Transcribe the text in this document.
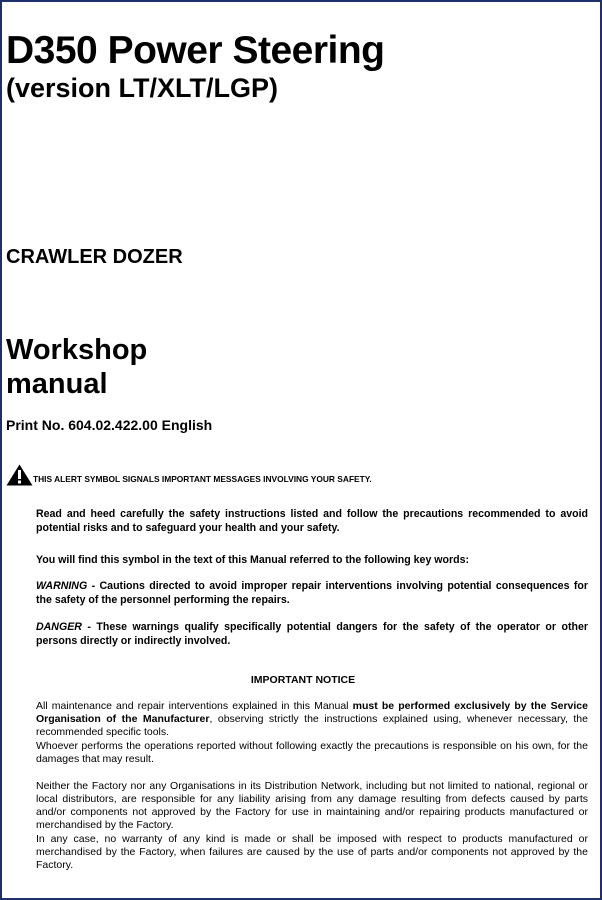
D350 Power Steering
(version LT/XLT/LGP)
CRAWLER DOZER
Workshop
manual
Print No. 604.02.422.00 English
THIS ALERT SYMBOL SIGNALS IMPORTANT MESSAGES INVOLVING YOUR SAFETY.
Read and heed carefully the safety instructions listed and follow the precautions recommended to avoid potential risks and to safeguard your health and your safety.
You will find this symbol in the text of this Manual referred to the following key words:
WARNING - Cautions directed to avoid improper repair interventions involving potential consequences for the safety of the personnel performing the repairs.
DANGER - These warnings qualify specifically potential dangers for the safety of the operator or other persons directly or indirectly involved.
IMPORTANT NOTICE
All maintenance and repair interventions explained in this Manual must be performed exclusively by the Service Organisation of the Manufacturer, observing strictly the instructions explained using, whenever necessary, the recommended specific tools.
Whoever performs the operations reported without following exactly the precautions is responsible on his own, for the damages that may result.
Neither the Factory nor any Organisations in its Distribution Network, including but not limited to national, regional or local distributors, are responsible for any liability arising from any damage resulting from defects caused by parts and/or components not approved by the Factory for use in maintaining and/or repairing products manufactured or merchandised by the Factory.
In any case, no warranty of any kind is made or shall be imposed with respect to products manufactured or merchandised by the Factory, when failures are caused by the use of parts and/or components not approved by the Factory.
